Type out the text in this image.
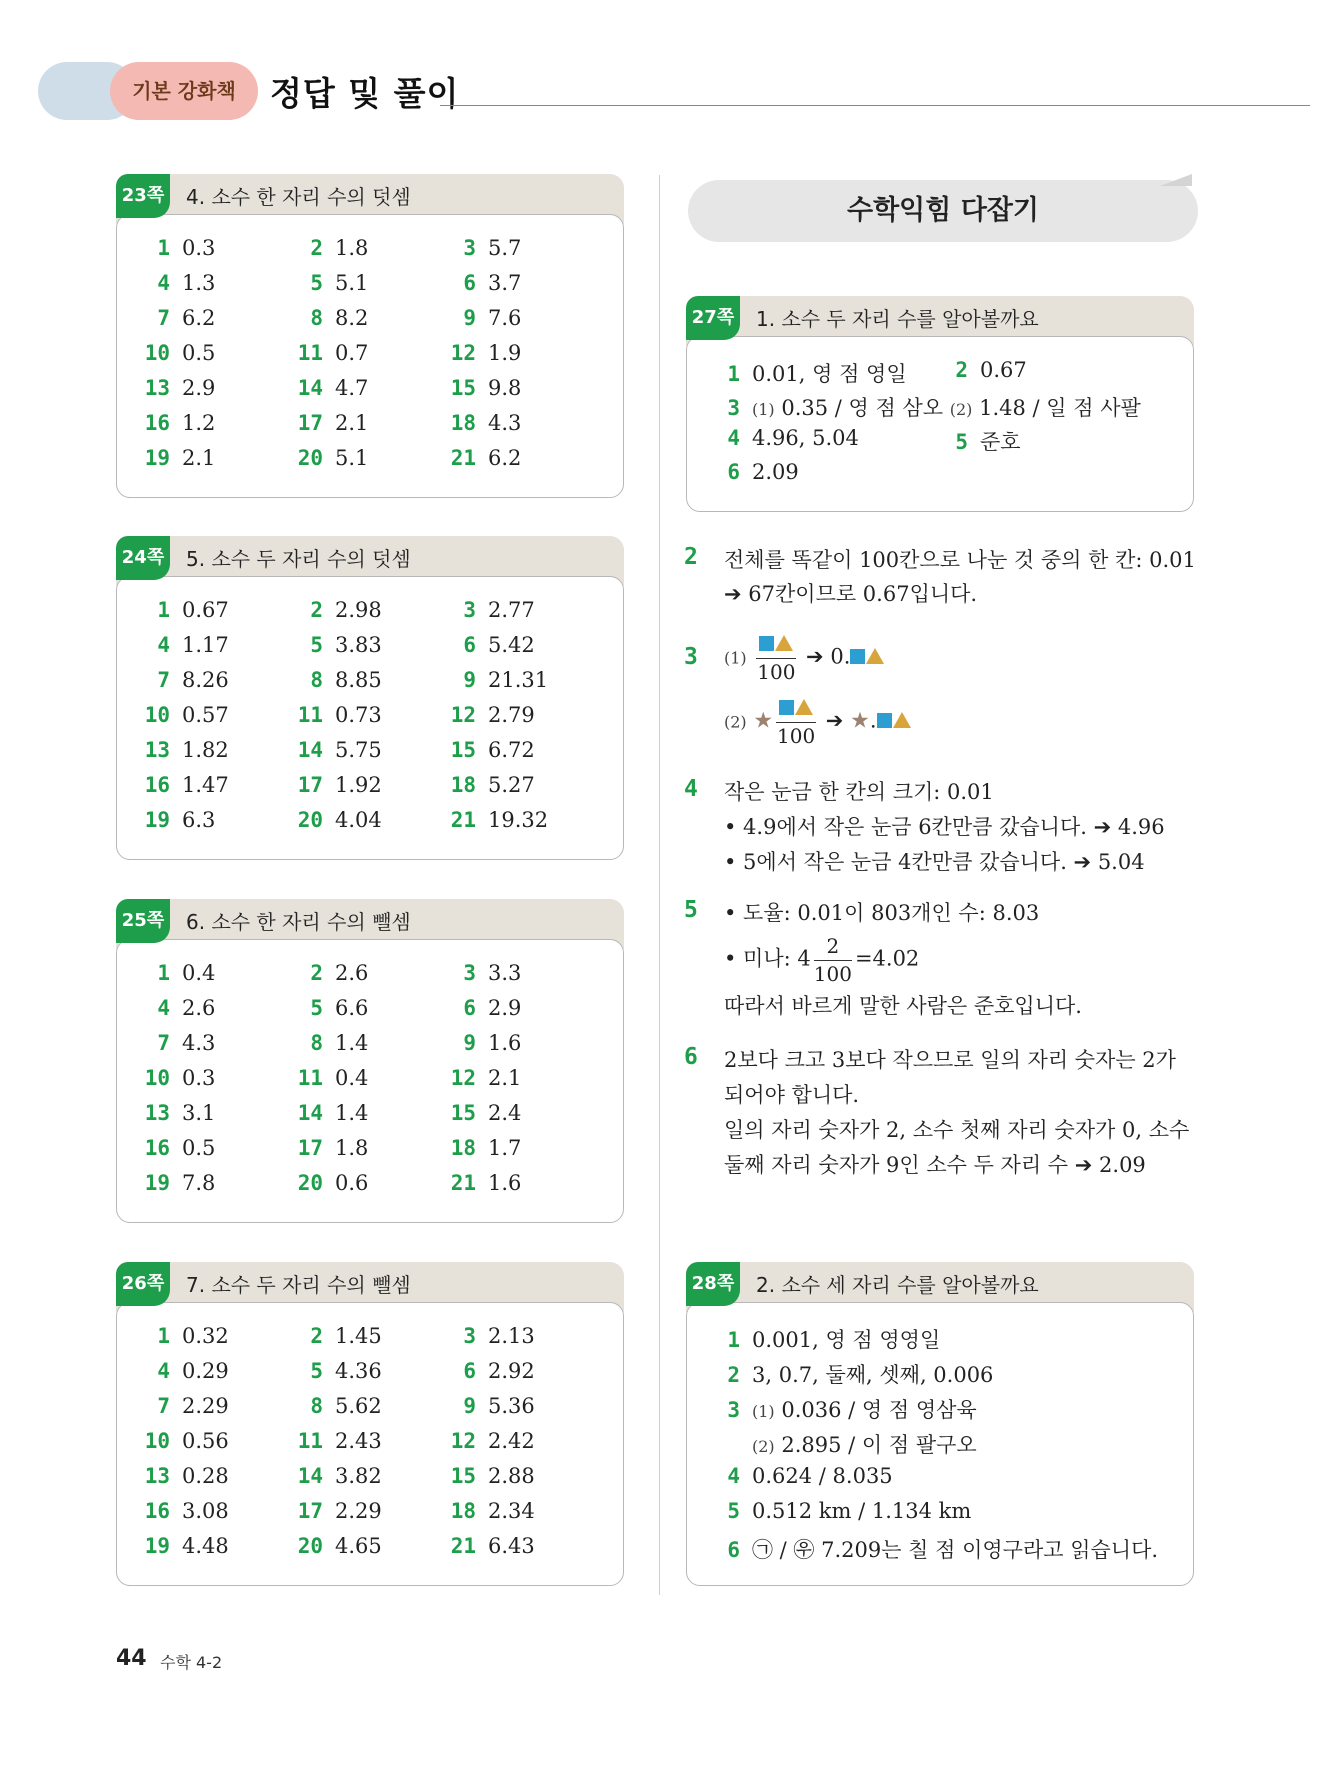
기본 강화책	정답 및 풀이
23쪽 4. 소수 한 자리 수의 덧셈
1 0.3	2 1.8	3 5.7
4 1.3	5 5.1	6 3.7
7 6.2	8 8.2	9 7.6
10 0.5	11 0.7	12 1.9
13 2.9	14 4.7	15 9.8
16 1.2	17 2.1	18 4.3
19 2.1	20 5.1	21 6.2
24쪽 5. 소수 두 자리 수의 덧셈
1 0.67	2 2.98	3 2.77
4 1.17	5 3.83	6 5.42
7 8.26	8 8.85	9 21.31
10 0.57	11 0.73	12 2.79
13 1.82	14 5.75	15 6.72
16 1.47	17 1.92	18 5.27
19 6.3	20 4.04	21 19.32
25쪽 6. 소수 한 자리 수의 뺄셈
1 0.4	2 2.6	3 3.3
4 2.6	5 6.6	6 2.9
7 4.3	8 1.4	9 1.6
10 0.3	11 0.4	12 2.1
13 3.1	14 1.4	15 2.4
16 0.5	17 1.8	18 1.7
19 7.8	20 0.6	21 1.6
26쪽 7. 소수 두 자리 수의 뺄셈
1 0.32	2 1.45	3 2.13
4 0.29	5 4.36	6 2.92
7 2.29	8 5.62	9 5.36
10 0.56	11 2.43	12 2.42
13 0.28	14 3.82	15 2.88
16 3.08	17 2.29	18 2.34
19 4.48	20 4.65	21 6.43
수학익힘 다잡기
27쪽 1. 소수 두 자리 수를 알아볼까요
1 0.01, 영 점 영일	2 0.67
3 (1) 0.35 / 영 점 삼오 (2) 1.48 / 일 점 사팔
4 4.96, 5.04	5 준호
6 2.09
2 전체를 똑같이 100칸으로 나눈 것 중의 한 칸: 0.01
➔ 67칸이므로 0.67입니다.
3 (1)
100
➔ 0.
(2) ★
100
➔ ★.
4 작은 눈금 한 칸의 크기: 0.01
• 4.9에서 작은 눈금 6칸만큼 갔습니다. ➔ 4.96
• 5에서 작은 눈금 4칸만큼 갔습니다. ➔ 5.04
5 • 도율: 0.01이 803개인 수: 8.03
• 미나: $4 \frac{2}{100} =4.02$
따라서 바르게 말한 사람은 준호입니다.
6 2보다 크고 3보다 작으므로 일의 자리 숫자는 2가
되어야 합니다.
일의 자리 숫자가 2, 소수 첫째 자리 숫자가 0, 소수
둘째 자리 숫자가 9인 소수 두 자리 수 ➔ 2.09
28쪽 2. 소수 세 자리 수를 알아볼까요
1 0.001, 영 점 영영일
2 3, 0.7, 둘째, 셋째, 0.006
3 (1) 0.036 / 영 점 영삼육
(2) 2.895 / 이 점 팔구오
4 0.624 / 8.035
5 0.512 km / 1.134 km
6 ㉠ / ㉾ 7.209는 칠 점 이영구라고 읽습니다.
44 수학 4-2
